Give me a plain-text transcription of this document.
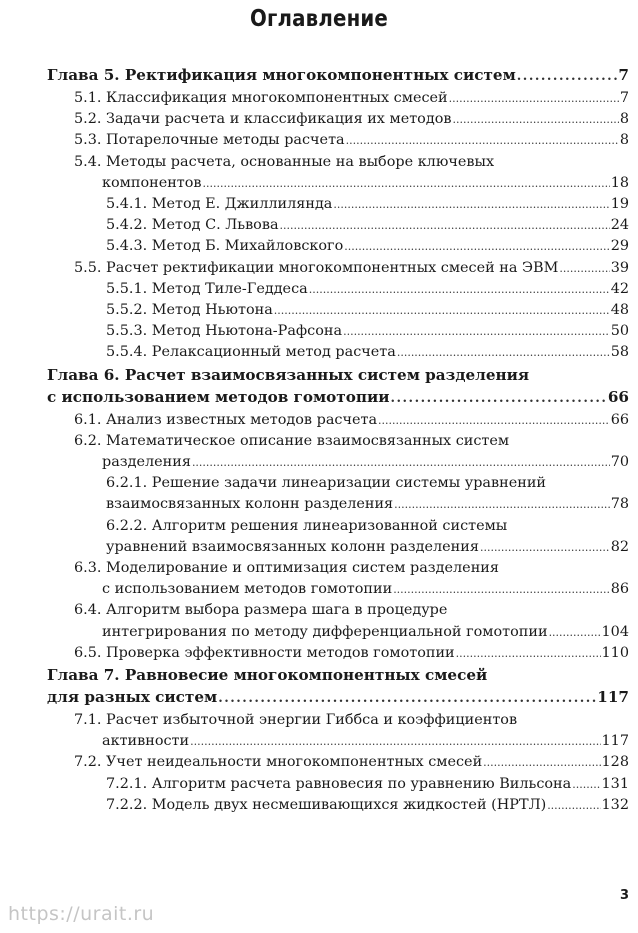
Оглавление
Глава 5. Ректификация многокомпонентных систем .....	7
5.1. Классификация многокомпонентных смесей .....	7
5.2. Задачи расчета и классификация их методов .....	8
5.3. Потарелочные методы расчета .....	8
5.4. Методы расчета, основанные на выборе ключевых
компонентов .....	18
5.4.1. Метод Е. Джиллилянда .....	19
5.4.2. Метод С. Львова .....	24
5.4.3. Метод Б. Михайловского .....	29
5.5. Расчет ректификации многокомпонентных смесей на ЭВМ .....	39
5.5.1. Метод Тиле-Геддеса .....	42
5.5.2. Метод Ньютона .....	48
5.5.3. Метод Ньютона-Рафсона .....	50
5.5.4. Релаксационный метод расчета .....	58
Глава 6. Расчет взаимосвязанных систем разделения
с использованием методов гомотопии .....	66
6.1. Анализ известных методов расчета .....	66
6.2. Математическое описание взаимосвязанных систем
разделения .....	70
6.2.1. Решение задачи линеаризации системы уравнений
взаимосвязанных колонн разделения .....	78
6.2.2. Алгоритм решения линеаризованной системы
уравнений взаимосвязанных колонн разделения .....	82
6.3. Моделирование и оптимизация систем разделения
с использованием методов гомотопии .....	86
6.4. Алгоритм выбора размера шага в процедуре
интегрирования по методу дифференциальной гомотопии .....	104
6.5. Проверка эффективности методов гомотопии .....	110
Глава 7. Равновесие многокомпонентных смесей
для разных систем .....	117
7.1. Расчет избыточной энергии Гиббса и коэффициентов
активности .....	117
7.2. Учет неидеальности многокомпонентных смесей .....	128
7.2.1. Алгоритм расчета равновесия по уравнению Вильсона ..... 131
7.2.2. Модель двух несмешивающихся жидкостей (НРТЛ) .....	132
3
https://urait.ru
